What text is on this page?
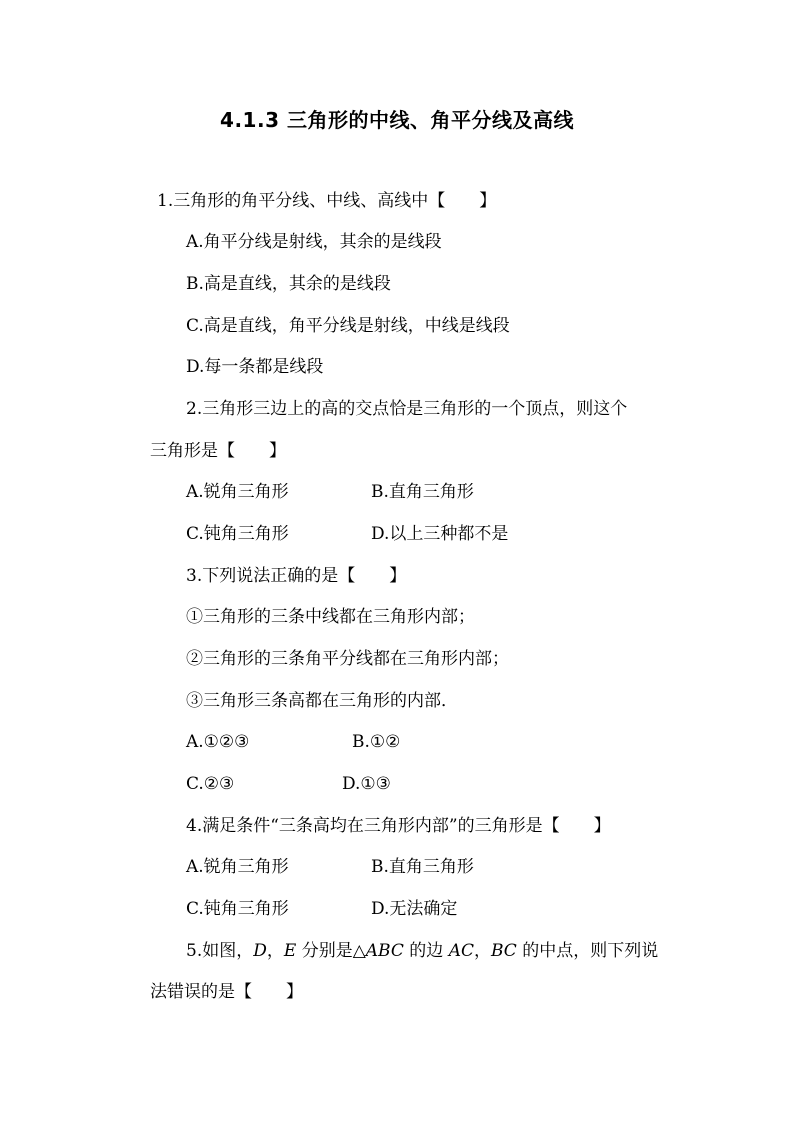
4.1.3 三角形的中线、角平分线及高线
1.三角形的角平分线、中线、高线中【　　】
A.角平分线是射线，其余的是线段
B.高是直线，其余的是线段
C.高是直线，角平分线是射线，中线是线段
D.每一条都是线段
2.三角形三边上的高的交点恰是三角形的一个顶点，则这个
三角形是【　　】
A.锐角三角形	B.直角三角形
C.钝角三角形	D.以上三种都不是
3.下列说法正确的是【　　】
①三角形的三条中线都在三角形内部；
②三角形的三条角平分线都在三角形内部；
③三角形三条高都在三角形的内部．
A.①②③	B.①②
C.②③	D.①③
4.满足条件“三条高均在三角形内部”的三角形是【　　】
A.锐角三角形	B.直角三角形
C.钝角三角形	D.无法确定
5.如图，D，E 分别是△ABC 的边 AC，BC 的中点，则下列说
法错误的是【　　】
